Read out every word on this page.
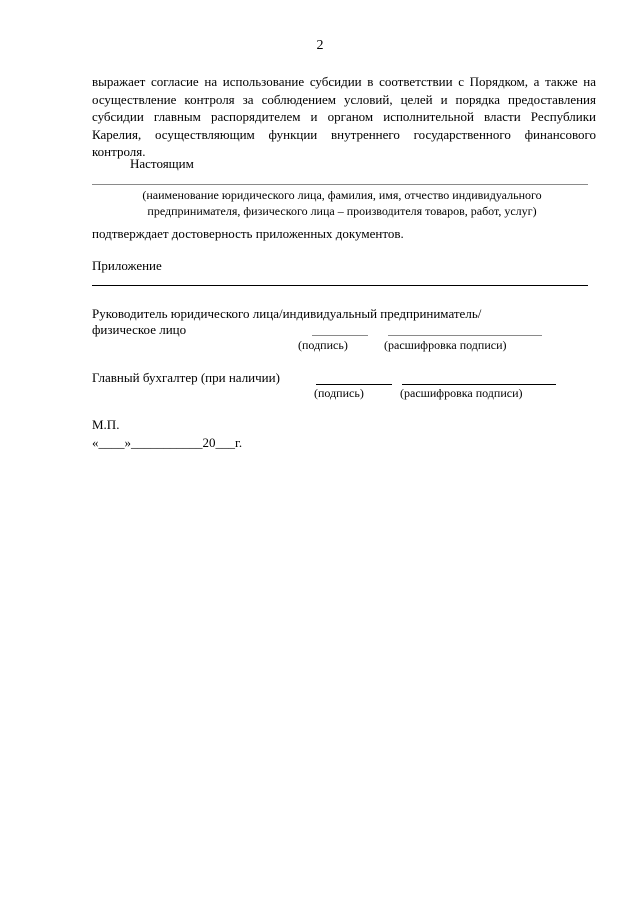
2
выражает согласие на использование субсидии в соответствии с Порядком, а также на осуществление контроля за соблюдением условий, целей и порядка предоставления субсидии главным распорядителем и органом исполнительной власти Республики Карелия, осуществляющим функции внутреннего государственного финансового контроля.
Настоящим
(наименование юридического лица, фамилия, имя, отчество индивидуального
предпринимателя, физического лица – производителя товаров, работ, услуг)
подтверждает достоверность приложенных документов.
Приложение
Руководитель юридического лица/индивидуальный предприниматель/
физическое лицо
(подпись)	(расшифровка подписи)
Главный бухгалтер (при наличии)
(подпись)	(расшифровка подписи)
М.П.
«____»___________20___г.
